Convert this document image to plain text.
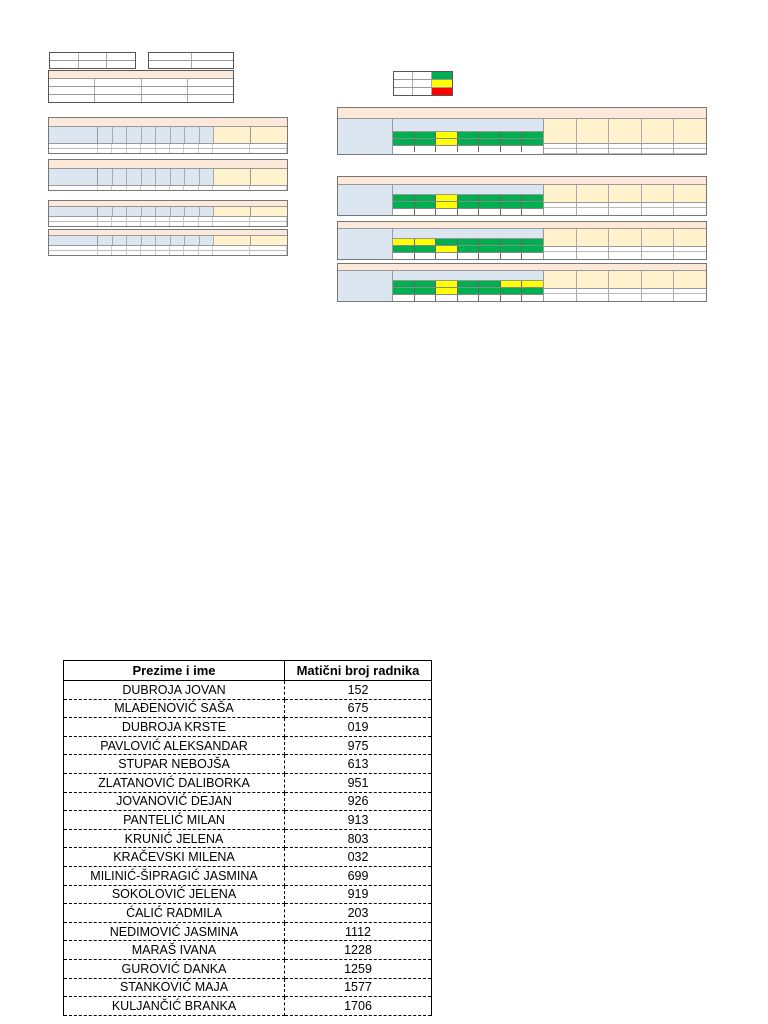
Prezime i ime	Matični broj radnika
DUBROJA JOVAN	152
MLAĐENOVIĆ SAŠA	675
DUBROJA KRSTE	019
PAVLOVIĆ ALEKSANDAR	975
STUPAR NEBOJŠA	613
ZLATANOVIĆ DALIBORKA	951
JOVANOVIĆ DEJAN	926
PANTELIĆ MILAN	913
KRUNIĆ JELENA	803
KRAČEVSKI MILENA	032
MILINIĆ-ŠIPRAGIĆ JASMINA	699
SOKOLOVIĆ JELENA	919
ĆALIĆ RADMILA	203
NEDIMOVIĆ JASMINA	1112
MARAŠ IVANA	1228
GUROVIĆ DANKA	1259
STANKOVIĆ MAJA	1577
KULJANČIĆ BRANKA	1706
